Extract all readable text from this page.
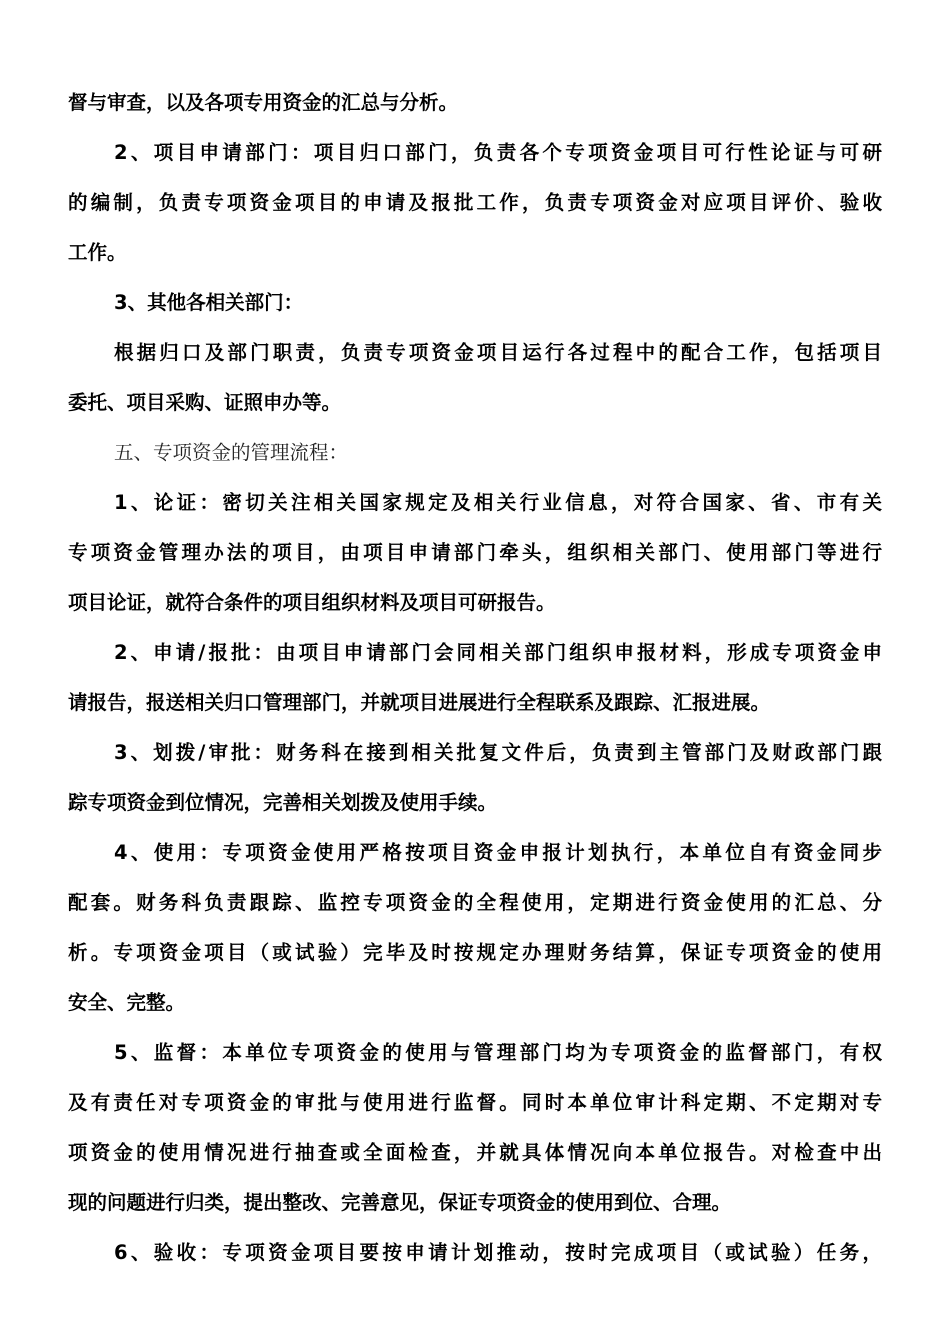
督与审查，以及各项专用资金的汇总与分析。
2、项目申请部门：项目归口部门，负责各个专项资金项目可行性论证与可研
的编制，负责专项资金项目的申请及报批工作，负责专项资金对应项目评价、验收
工作。
3、其他各相关部门：
根据归口及部门职责，负责专项资金项目运行各过程中的配合工作，包括项目
委托、项目采购、证照申办等。
五、专项资金的管理流程：
1、论证：密切关注相关国家规定及相关行业信息，对符合国家、省、市有关
专项资金管理办法的项目，由项目申请部门牵头，组织相关部门、使用部门等进行
项目论证，就符合条件的项目组织材料及项目可研报告。
2、申请/报批：由项目申请部门会同相关部门组织申报材料，形成专项资金申
请报告，报送相关归口管理部门，并就项目进展进行全程联系及跟踪、汇报进展。
3、划拨/审批：财务科在接到相关批复文件后，负责到主管部门及财政部门跟
踪专项资金到位情况，完善相关划拨及使用手续。
4、使用：专项资金使用严格按项目资金申报计划执行，本单位自有资金同步
配套。财务科负责跟踪、监控专项资金的全程使用，定期进行资金使用的汇总、分
析。专项资金项目（或试验）完毕及时按规定办理财务结算，保证专项资金的使用
安全、完整。
5、监督：本单位专项资金的使用与管理部门均为专项资金的监督部门，有权
及有责任对专项资金的审批与使用进行监督。同时本单位审计科定期、不定期对专
项资金的使用情况进行抽查或全面检查，并就具体情况向本单位报告。对检查中出
现的问题进行归类，提出整改、完善意见，保证专项资金的使用到位、合理。
6、验收：专项资金项目要按申请计划推动，按时完成项目（或试验）任务，
